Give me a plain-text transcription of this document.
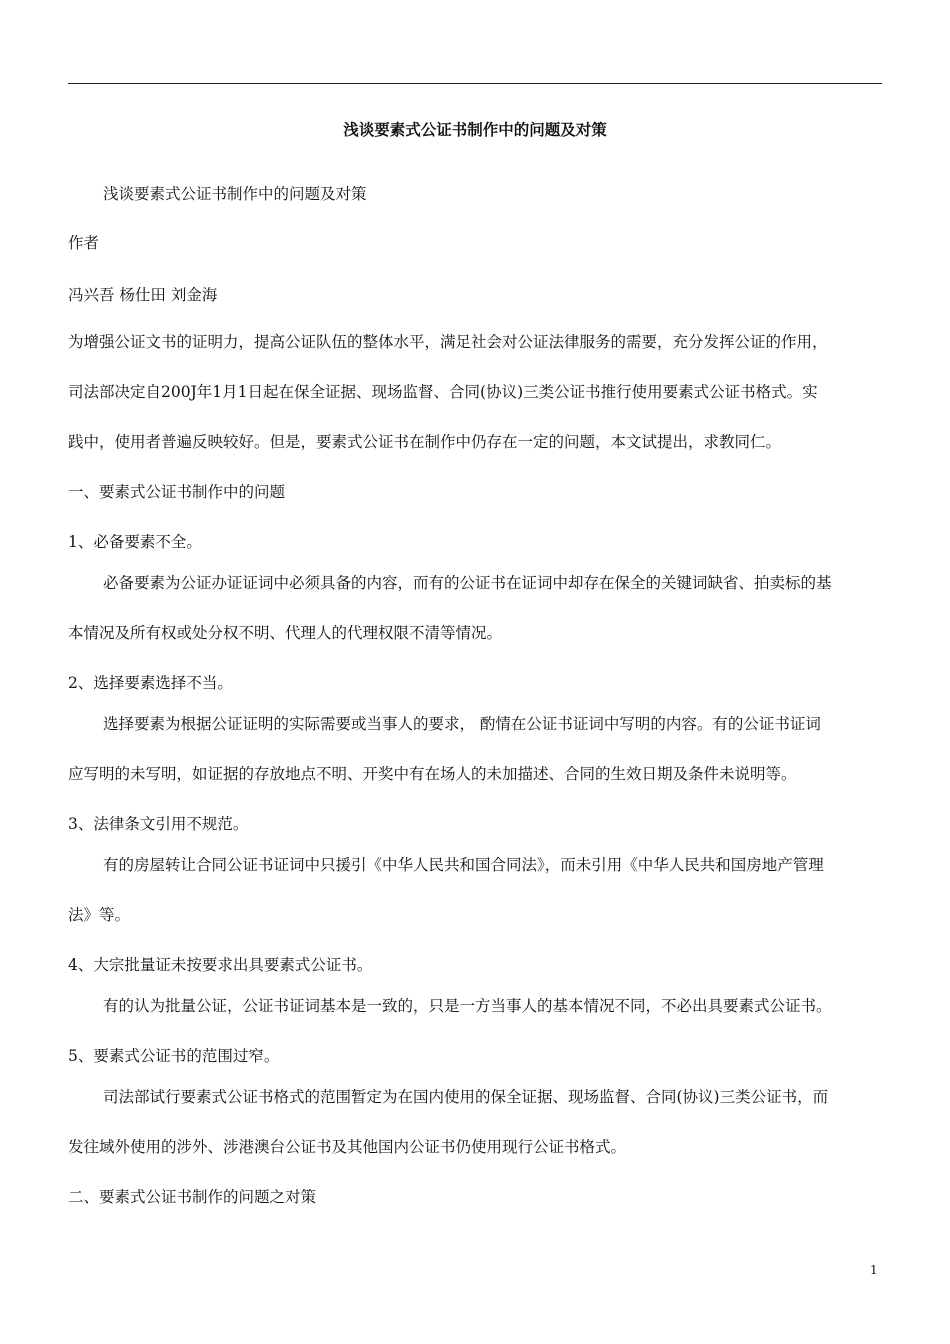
浅谈要素式公证书制作中的问题及对策
浅谈要素式公证书制作中的问题及对策
作者
冯兴吾 杨仕田 刘金海
为增强公证文书的证明力，提高公证队伍的整体水平，满足社会对公证法律服务的需要，充分发挥公证的作用，
司法部决定自200J年1月1日起在保全证据、现场监督、合同(协议)三类公证书推行使用要素式公证书格式。实
践中，使用者普遍反映较好。但是，要素式公证书在制作中仍存在一定的问题，本文试提出，求教同仁。
一、要素式公证书制作中的问题
1、必备要素不全。
必备要素为公证办证证词中必须具备的内容，而有的公证书在证词中却存在保全的关键词缺省、拍卖标的基
本情况及所有权或处分权不明、代理人的代理权限不清等情况。
2、选择要素选择不当。
选择要素为根据公证证明的实际需要或当事人的要求， 酌情在公证书证词中写明的内容。有的公证书证词
应写明的未写明，如证据的存放地点不明、开奖中有在场人的未加描述、合同的生效日期及条件未说明等。
3、法律条文引用不规范。
有的房屋转让合同公证书证词中只援引《中华人民共和国合同法》，而未引用《中华人民共和国房地产管理
法》等。
4、大宗批量证未按要求出具要素式公证书。
有的认为批量公证，公证书证词基本是一致的，只是一方当事人的基本情况不同，不必出具要素式公证书。
5、要素式公证书的范围过窄。
司法部试行要素式公证书格式的范围暂定为在国内使用的保全证据、现场监督、合同(协议)三类公证书，而
发往域外使用的涉外、涉港澳台公证书及其他国内公证书仍使用现行公证书格式。
二、要素式公证书制作的问题之对策
1
